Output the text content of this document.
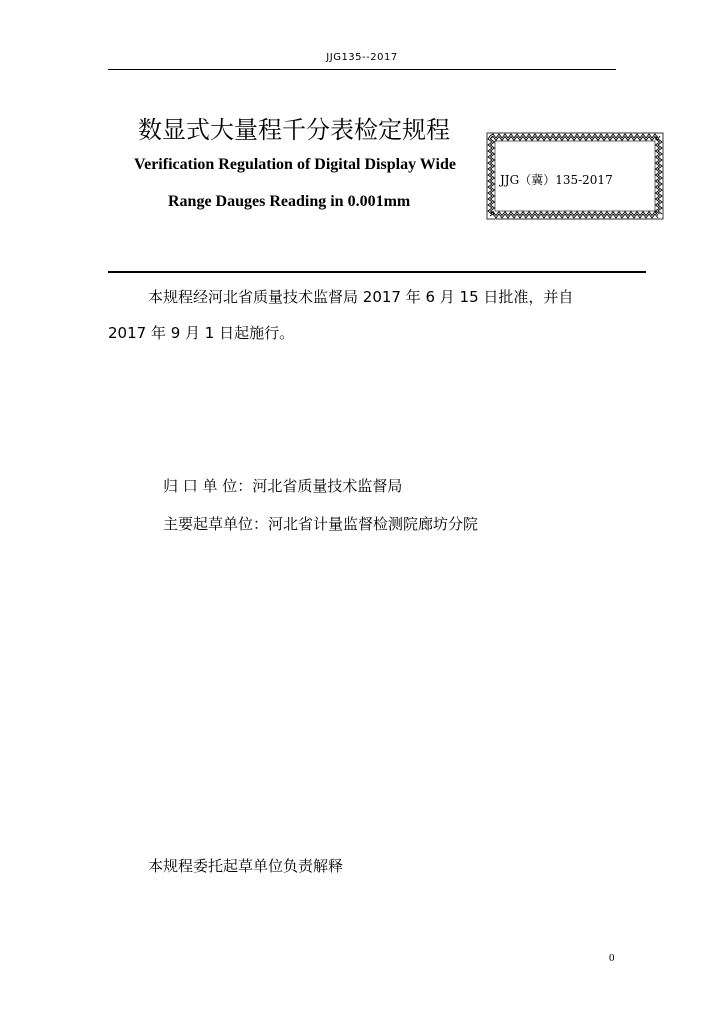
JJG135--2017
数显式大量程千分表检定规程
Verification Regulation of Digital Display Wide
Range Dauges Reading in 0.001mm
JJG（冀）135-2017
本规程经河北省质量技术监督局 2017 年 6 月 15 日批准，并自
2017 年 9 月 1 日起施行。
归 口 单 位：河北省质量技术监督局
主要起草单位：河北省计量监督检测院廊坊分院
本规程委托起草单位负责解释
0
